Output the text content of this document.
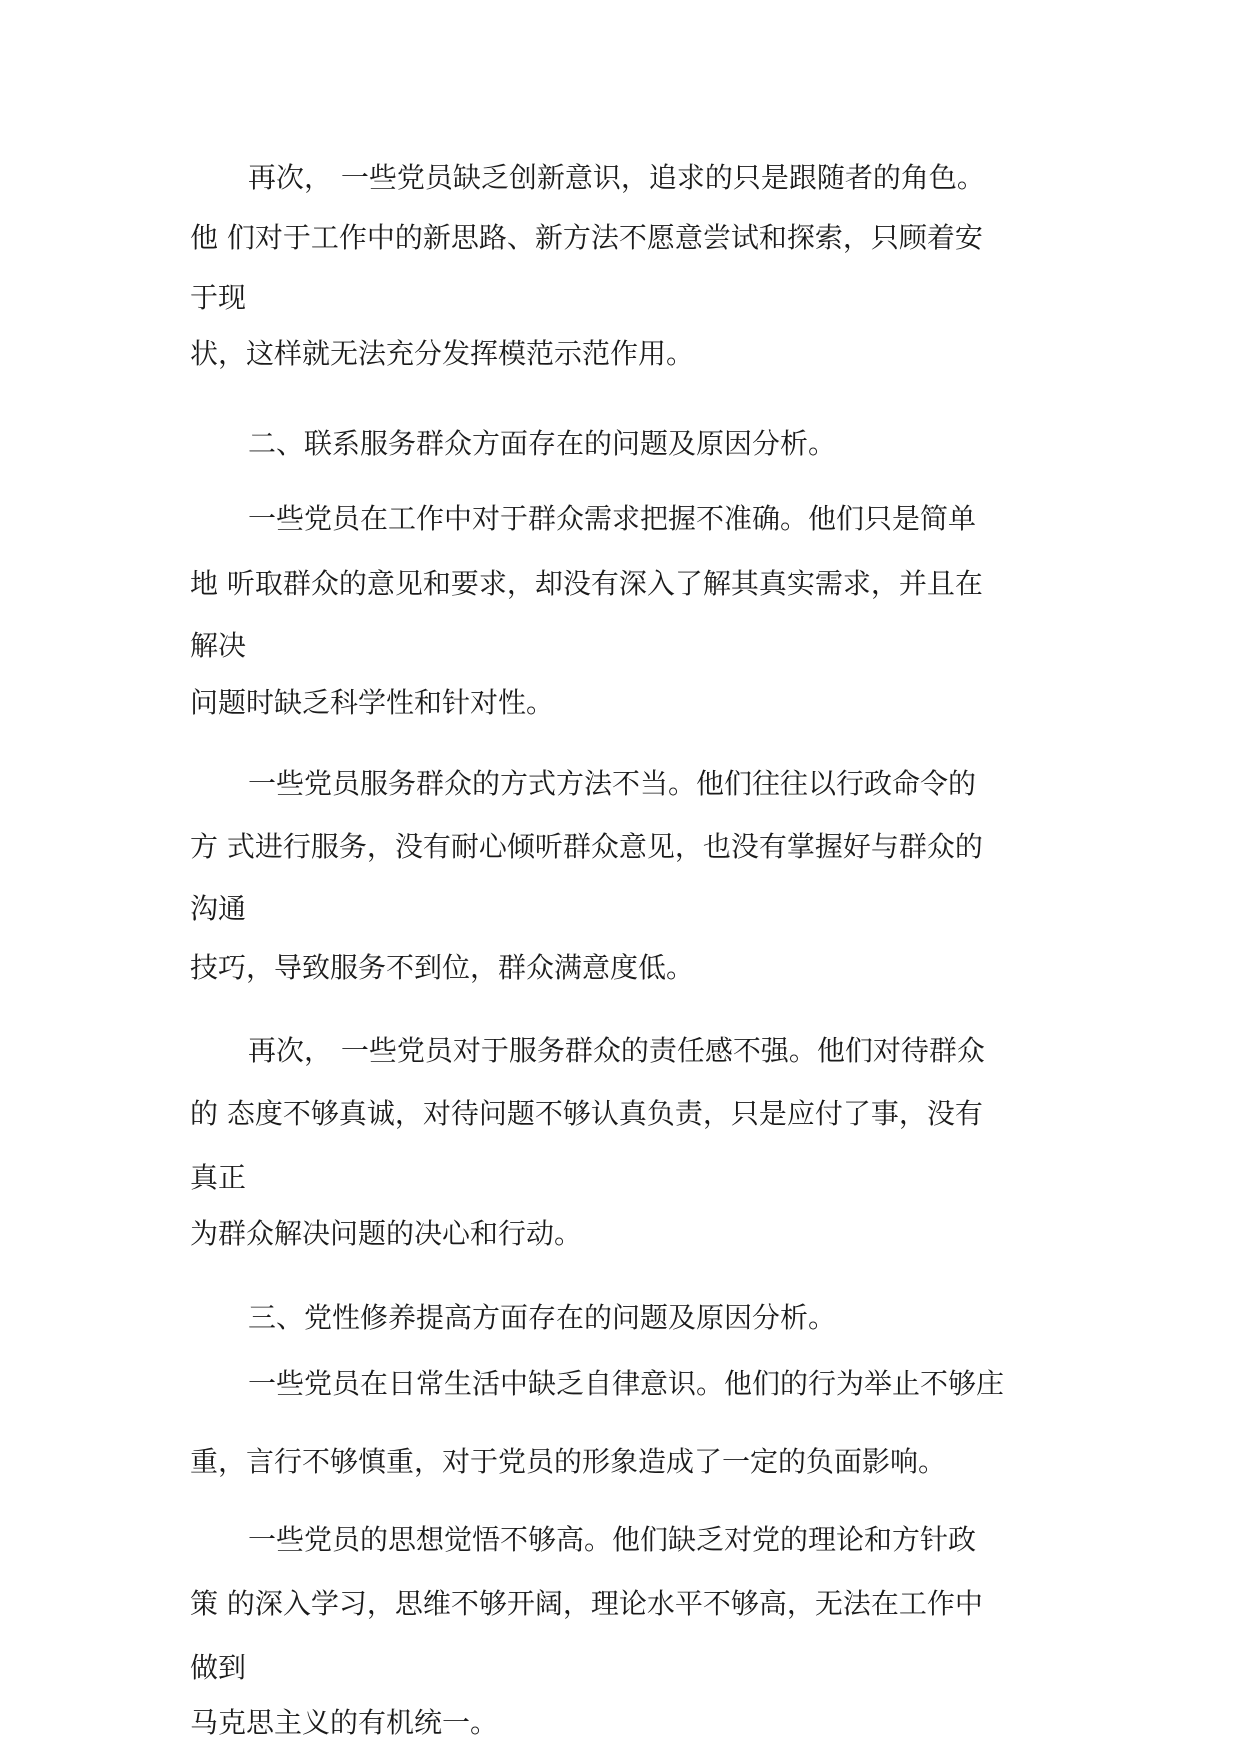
再次， 一些党员缺乏创新意识，追求的只是跟随者的角色。

他 们对于工作中的新思路、新方法不愿意尝试和探索，只顾着安

于现

状，这样就无法充分发挥模范示范作用。

二、联系服务群众方面存在的问题及原因分析。

一些党员在工作中对于群众需求把握不准确。他们只是简单

地 听取群众的意见和要求，却没有深入了解其真实需求，并且在

解决

问题时缺乏科学性和针对性。

一些党员服务群众的方式方法不当。他们往往以行政命令的

方 式进行服务，没有耐心倾听群众意见，也没有掌握好与群众的

沟通

技巧，导致服务不到位，群众满意度低。

再次， 一些党员对于服务群众的责任感不强。他们对待群众

的 态度不够真诚，对待问题不够认真负责，只是应付了事，没有

真正

为群众解决问题的决心和行动。

三、党性修养提高方面存在的问题及原因分析。

一些党员在日常生活中缺乏自律意识。他们的行为举止不够庄

重，言行不够慎重，对于党员的形象造成了一定的负面影响。

一些党员的思想觉悟不够高。他们缺乏对党的理论和方针政

策 的深入学习，思维不够开阔，理论水平不够高，无法在工作中

做到

马克思主义的有机统一。
